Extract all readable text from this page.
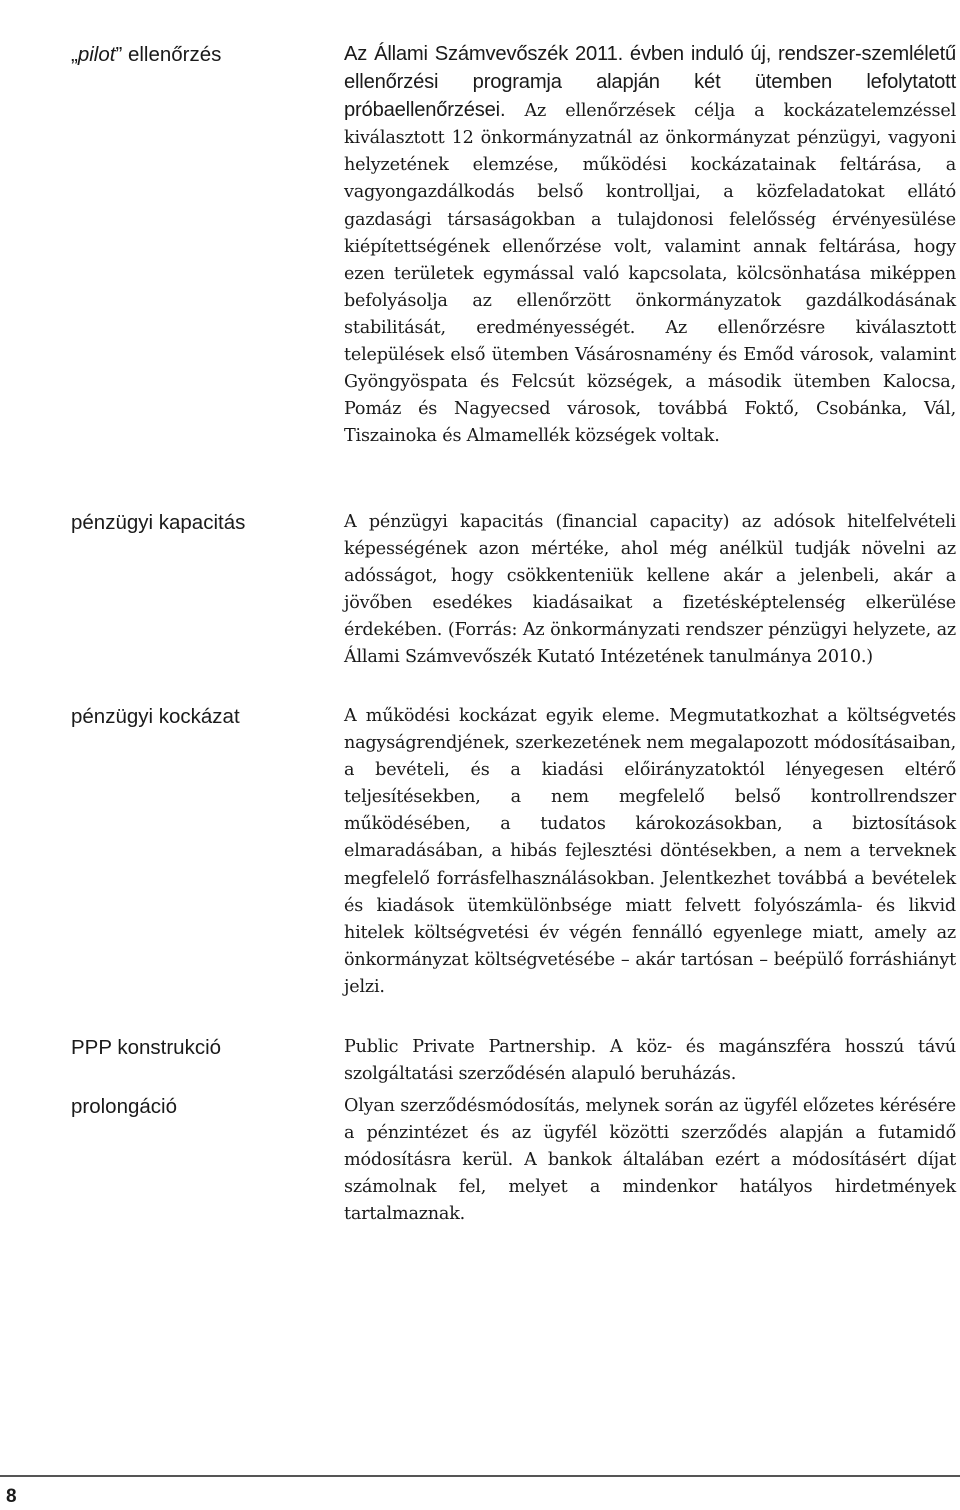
„pilot” ellenőrzés	Az Állami Számvevőszék 2011. évben induló új, rendszer-szemléletű ellenőrzési programja alapján két ütemben lefolytatott próbaellenőrzései. Az ellenőrzések célja a kockázatelemzéssel kiválasztott 12 önkormányzatnál az önkormányzat pénzügyi, vagyoni helyzetének elemzése, működési kockázatainak feltárása, a vagyongazdálkodás belső kontrolljai, a közfeladatokat ellátó gazdasági társaságokban a tulajdonosi felelősség érvényesülése kiépítettségének ellenőrzése volt, valamint annak feltárása, hogy ezen területek egymással való kapcsolata, kölcsönhatása miképpen befolyásolja az ellenőrzött önkormányzatok gazdálkodásának stabilitását, eredményességét. Az ellenőrzésre kiválasztott települések első ütemben Vásárosnamény és Emőd városok, valamint Gyöngyöspata és Felcsút községek, a második ütemben Kalocsa, Pomáz és Nagyecsed városok, továbbá Foktő, Csobánka, Vál, Tiszainoka és Almamellék községek voltak.

pénzügyi kapacitás	A pénzügyi kapacitás (financial capacity) az adósok hitelfelvételi képességének azon mértéke, ahol még anélkül tudják növelni az adósságot, hogy csökkenteniük kellene akár a jelenbeli, akár a jövőben esedékes kiadásaikat a fizetésképtelenség elkerülése érdekében. (Forrás: Az önkormányzati rendszer pénzügyi helyzete, az Állami Számvevőszék Kutató Intézetének tanulmánya 2010.)

pénzügyi kockázat	A működési kockázat egyik eleme. Megmutatkozhat a költségvetés nagyságrendjének, szerkezetének nem megalapozott módosításaiban, a bevételi, és a kiadási előirányzatoktól lényegesen eltérő teljesítésekben, a nem megfelelő belső kontrollrendszer működésében, a tudatos károkozásokban, a biztosítások elmaradásában, a hibás fejlesztési döntésekben, a nem a terveknek megfelelő forrásfelhasználásokban. Jelentkezhet továbbá a bevételek és kiadások ütemkülönbsége miatt felvett folyószámla- és likvid hitelek költségvetési év végén fennálló egyenlege miatt, amely az önkormányzat költségvetésébe – akár tartósan – beépülő forráshiányt jelzi.

PPP konstrukció	Public Private Partnership. A köz- és magánszféra hosszú távú szolgáltatási szerződésén alapuló beruházás.

prolongáció	Olyan szerződésmódosítás, melynek során az ügyfél előzetes kérésére a pénzintézet és az ügyfél közötti szerződés alapján a futamidő módosításra kerül. A bankok általában ezért a módosításért díjat számolnak fel, melyet a mindenkor hatályos hirdetmények tartalmaznak.

8
